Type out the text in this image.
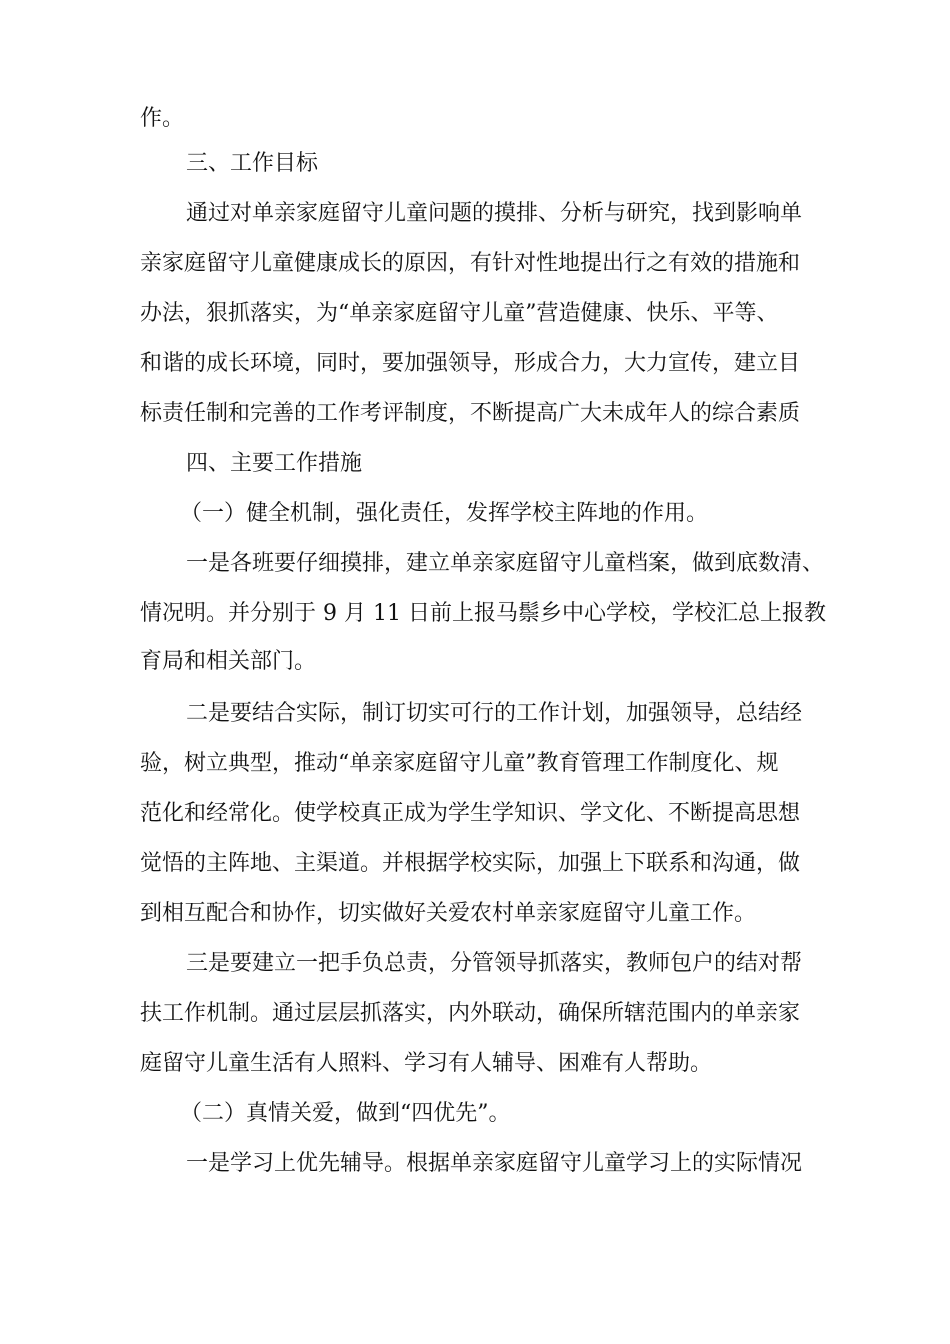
作。
三、工作目标
通过对单亲家庭留守儿童问题的摸排、分析与研究，找到影响单
亲家庭留守儿童健康成长的原因，有针对性地提出行之有效的措施和
办法，狠抓落实，为“单亲家庭留守儿童”营造健康、快乐、平等、
和谐的成长环境，同时，要加强领导，形成合力，大力宣传，建立目
标责任制和完善的工作考评制度，不断提高广大未成年人的综合素质
四、主要工作措施
（一）健全机制，强化责任，发挥学校主阵地的作用。
一是各班要仔细摸排，建立单亲家庭留守儿童档案，做到底数清、
情况明。并分别于 9 月 11 日前上报马鬃乡中心学校，学校汇总上报教
育局和相关部门。
二是要结合实际，制订切实可行的工作计划，加强领导，总结经
验，树立典型，推动“单亲家庭留守儿童”教育管理工作制度化、规
范化和经常化。使学校真正成为学生学知识、学文化、不断提高思想
觉悟的主阵地、主渠道。并根据学校实际，加强上下联系和沟通，做
到相互配合和协作，切实做好关爱农村单亲家庭留守儿童工作。
三是要建立一把手负总责，分管领导抓落实，教师包户的结对帮
扶工作机制。通过层层抓落实，内外联动，确保所辖范围内的单亲家
庭留守儿童生活有人照料、学习有人辅导、困难有人帮助。
（二）真情关爱，做到“四优先”。
一是学习上优先辅导。根据单亲家庭留守儿童学习上的实际情况
